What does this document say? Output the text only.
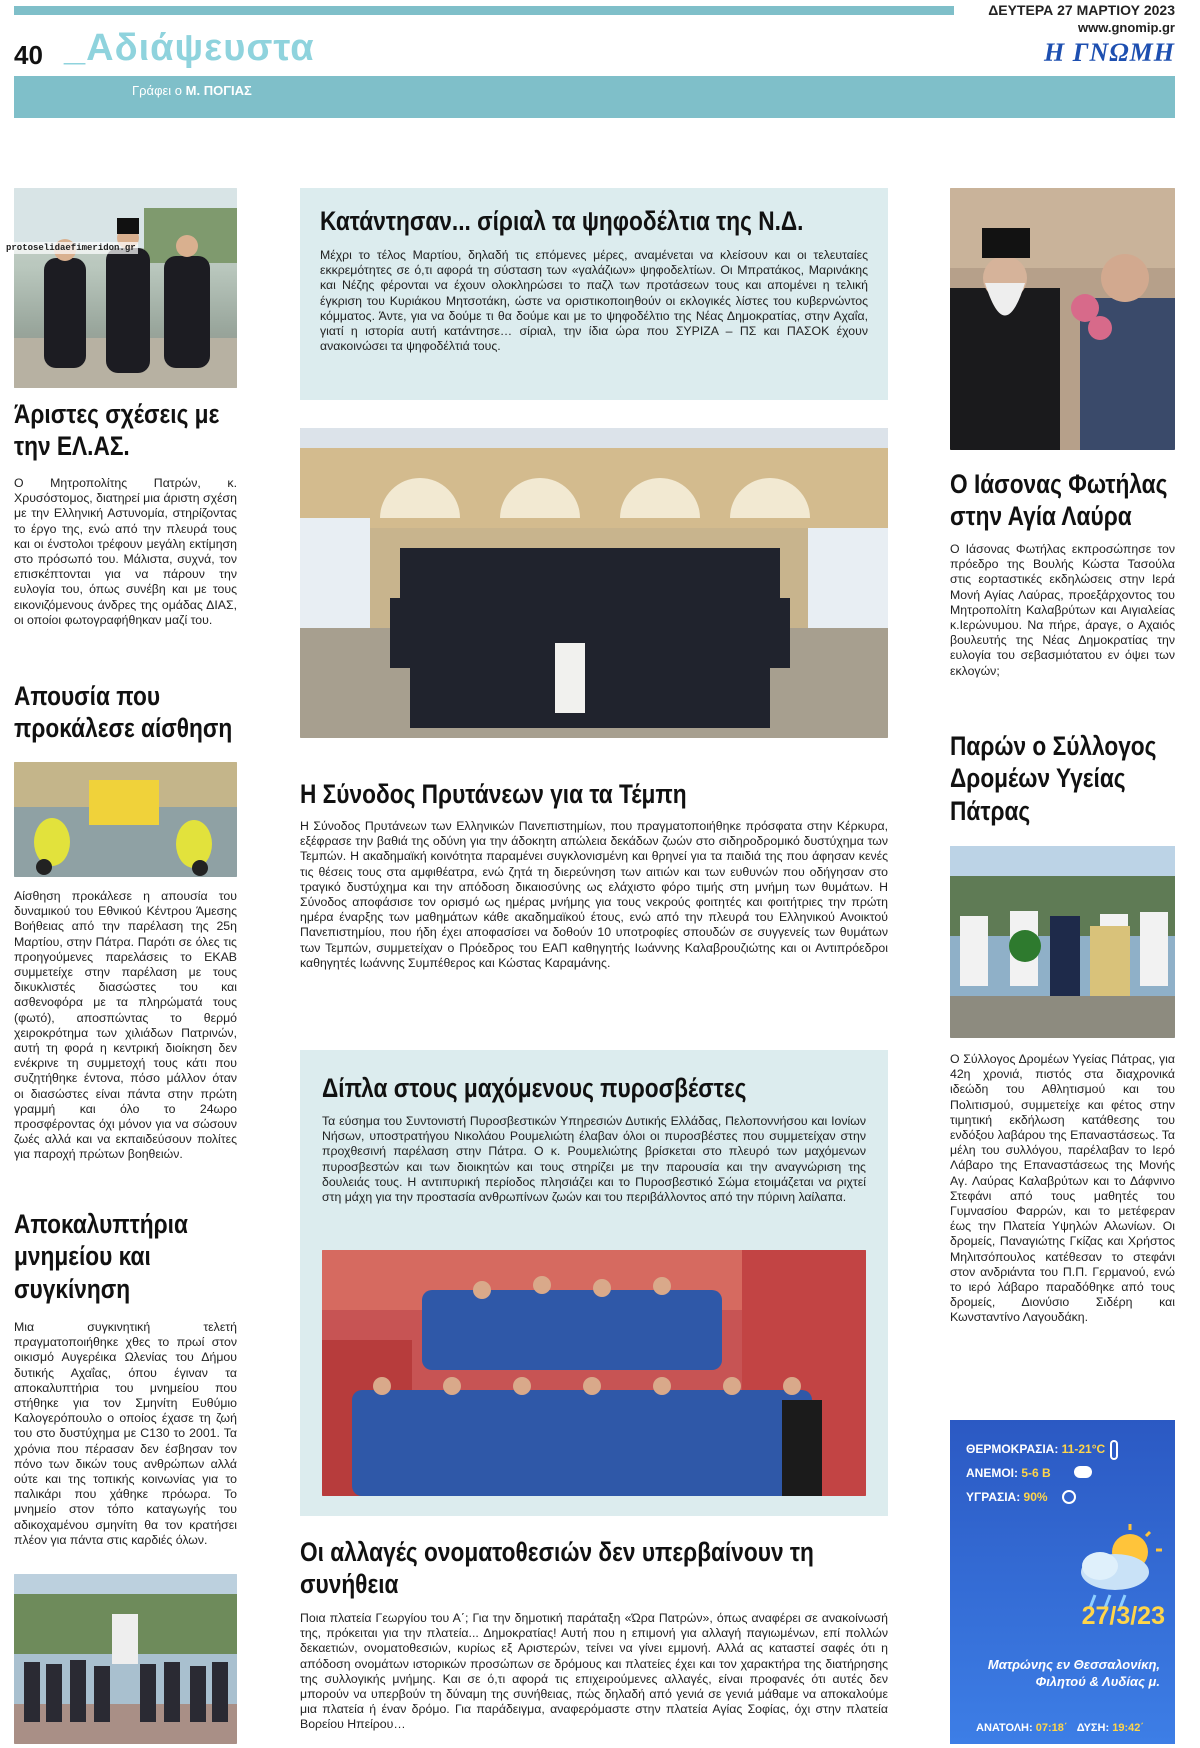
40 _Αδιάψευστα
ΔΕΥΤΕΡΑ 27 ΜΑΡΤΙΟΥ 2023
www.gnomip.gr
Η ΓΝΩΜΗ
Γράφει ο Μ. ΠΟΓΙΑΣ
protoselidaefimeridon.gr
Άριστες σχέσεις με την ΕΛ.ΑΣ.
Ο Μητροπολίτης Πατρών, κ. Χρυσόστομος, διατηρεί μια άριστη σχέση με την Ελληνική Αστυνομία, στηρίζοντας το έργο της, ενώ από την πλευρά τους και οι ένστολοι τρέφουν μεγάλη εκτίμηση στο πρόσωπό του. Μάλιστα, συχνά, τον επισκέπτονται για να πάρουν την ευλογία του, όπως συνέβη και με τους εικονιζόμενους άνδρες της ομάδας ΔΙΑΣ, οι οποίοι φωτογραφήθηκαν μαζί του.
Απουσία που προκάλεσε αίσθηση
Αίσθηση προκάλεσε η απουσία του δυναμικού του Εθνικού Κέντρου Άμεσης Βοήθειας από την παρέλαση της 25η Μαρτίου, στην Πάτρα. Παρότι σε όλες τις προηγούμενες παρελάσεις το ΕΚΑΒ συμμετείχε στην παρέλαση με τους δικυκλιστές διασώστες του και ασθενοφόρα με τα πληρώματά τους (φωτό), αποσπώντας το θερμό χειροκρότημα των χιλιάδων Πατρινών, αυτή τη φορά η κεντρική διοίκηση δεν ενέκρινε τη συμμετοχή τους κάτι που συζητήθηκε έντονα, πόσο μάλλον όταν οι διασώστες είναι πάντα στην πρώτη γραμμή και όλο το 24ωρο προσφέροντας όχι μόνον για να σώσουν ζωές αλλά και να εκπαιδεύσουν πολίτες για παροχή πρώτων βοηθειών.
Αποκαλυπτήρια μνημείου και συγκίνηση
Μια συγκινητική τελετή πραγματοποιήθηκε χθες το πρωί στον οικισμό Αυγερέικα Ωλενίας του Δήμου δυτικής Αχαΐας, όπου έγιναν τα αποκαλυπτήρια του μνημείου που στήθηκε για τον Σμηνίτη Ευθύμιο Καλογερόπουλο ο οποίος έχασε τη ζωή του στο δυστύχημα με C130 το 2001. Τα χρόνια που πέρασαν δεν έσβησαν τον πόνο των δικών τους ανθρώπων αλλά ούτε και της τοπικής κοινωνίας για το παλικάρι που χάθηκε πρόωρα. Το μνημείο στον τόπο καταγωγής του αδικοχαμένου σμηνίτη θα τον κρατήσει πλέον για πάντα στις καρδιές όλων.
Κατάντησαν... σίριαλ τα ψηφοδέλτια της Ν.Δ.
Μέχρι το τέλος Μαρτίου, δηλαδή τις επόμενες μέρες, αναμένεται να κλείσουν και οι τελευταίες εκκρεμότητες σε ό,τι αφορά τη σύσταση των «γαλάζιων» ψηφοδελτίων. Οι Μπρατάκος, Μαρινάκης και Νέζης φέρονται να έχουν ολοκληρώσει το παζλ των προτάσεων τους και απομένει η τελική έγκριση του Κυριάκου Μητσοτάκη, ώστε να οριστικοποιηθούν οι εκλογικές λίστες του κυβερνώντος κόμματος. Άντε, για να δούμε τι θα δούμε και με το ψηφοδέλτιο της Νέας Δημοκρατίας, στην Αχαΐα, γιατί η ιστορία αυτή κατάντησε… σίριαλ, την ίδια ώρα που ΣΥΡΙΖΑ – ΠΣ και ΠΑΣΟΚ έχουν ανακοινώσει τα ψηφοδέλτιά τους.
Η Σύνοδος Πρυτάνεων για τα Τέμπη
Η Σύνοδος Πρυτάνεων των Ελληνικών Πανεπιστημίων, που πραγματοποιήθηκε πρόσφατα στην Κέρκυρα, εξέφρασε την βαθιά της οδύνη για την άδοκητη απώλεια δεκάδων ζωών στο σιδηροδρομικό δυστύχημα των Τεμπών. Η ακαδημαϊκή κοινότητα παραμένει συγκλονισμένη και θρηνεί για τα παιδιά της που άφησαν κενές τις θέσεις τους στα αμφιθέατρα, ενώ ζητά τη διερεύνηση των αιτιών και των ευθυνών που οδήγησαν στο τραγικό δυστύχημα και την απόδοση δικαιοσύνης ως ελάχιστο φόρο τιμής στη μνήμη των θυμάτων. Η Σύνοδος αποφάσισε τον ορισμό ως ημέρας μνήμης για τους νεκρούς φοιτητές και φοιτήτριες την πρώτη ημέρα έναρξης των μαθημάτων κάθε ακαδημαϊκού έτους, ενώ από την πλευρά του Ελληνικού Ανοικτού Πανεπιστημίου, που ήδη έχει αποφασίσει να δοθούν 10 υποτροφίες σπουδών σε συγγενείς των θυμάτων των Τεμπών, συμμετείχαν ο Πρόεδρος του ΕΑΠ καθηγητής Ιωάννης Καλαβρουζιώτης και οι Αντιπρόεδροι καθηγητές Ιωάννης Συμπέθερος και Κώστας Καραμάνης.
Δίπλα στους μαχόμενους πυροσβέστες
Τα εύσημα του Συντονιστή Πυροσβεστικών Υπηρεσιών Δυτικής Ελλάδας, Πελοποννήσου και Ιονίων Νήσων, υποστρατήγου Νικολάου Ρουμελιώτη έλαβαν όλοι οι πυροσβέστες που συμμετείχαν στην προχθεσινή παρέλαση στην Πάτρα. Ο κ. Ρουμελιώτης βρίσκεται στο πλευρό των μαχόμενων πυροσβεστών και των διοικητών και τους στηρίζει με την παρουσία και την αναγνώριση της δουλειάς τους. Η αντιπυρική περίοδος πλησιάζει και το Πυροσβεστικό Σώμα ετοιμάζεται να ριχτεί στη μάχη για την προστασία ανθρωπίνων ζωών και του περιβάλλοντος από την πύρινη λαίλαπα.
Οι αλλαγές ονοματοθεσιών δεν υπερβαίνουν τη συνήθεια
Ποια πλατεία Γεωργίου του Α΄; Για την δημοτική παράταξη «Ώρα Πατρών», όπως αναφέρει σε ανακοίνωσή της, πρόκειται για την πλατεία... Δημοκρατίας! Αυτή που η επιμονή για αλλαγή παγιωμένων, επί πολλών δεκαετιών, ονοματοθεσιών, κυρίως εξ Αριστερών, τείνει να γίνει εμμονή. Αλλά ας καταστεί σαφές ότι η απόδοση ονομάτων ιστορικών προσώπων σε δρόμους και πλατείες έχει και τον χαρακτήρα της διατήρησης της συλλογικής μνήμης. Και σε ό,τι αφορά τις επιχειρούμενες αλλαγές, είναι προφανές ότι αυτές δεν μπορούν να υπερβούν τη δύναμη της συνήθειας, πώς δηλαδή από γενιά σε γενιά μάθαμε να αποκαλούμε μια πλατεία ή έναν δρόμο. Για παράδειγμα, αναφερόμαστε στην πλατεία Αγίας Σοφίας, όχι στην πλατεία Βορείου Ηπείρου…
Ο Ιάσονας Φωτήλας στην Αγία Λαύρα
Ο Ιάσονας Φωτήλας εκπροσώπησε τον πρόεδρο της Βουλής Κώστα Τασούλα στις εορταστικές εκδηλώσεις στην Ιερά Μονή Αγίας Λαύρας, προεξάρχοντος του Μητροπολίτη Καλαβρύτων και Αιγιαλείας κ.Ιερώνυμου. Να πήρε, άραγε, ο Αχαιός βουλευτής της Νέας Δημοκρατίας την ευλογία του σεβασμιότατου εν όψει των εκλογών;
Παρών ο Σύλλογος Δρομέων Υγείας Πάτρας
Ο Σύλλογος Δρομέων Υγείας Πάτρας, για 42η χρονιά, πιστός στα διαχρονικά ιδεώδη του Αθλητισμού και του Πολιτισμού, συμμετείχε και φέτος στην τιμητική εκδήλωση κατάθεσης του ενδόξου λαβάρου της Επαναστάσεως. Τα μέλη του συλλόγου, παρέλαβαν το Ιερό Λάβαρο της Επαναστάσεως της Μονής Αγ. Λαύρας Καλαβρύτων και το Δάφνινο Στεφάνι από τους μαθητές του Γυμνασίου Φαρρών, και το μετέφεραν έως την Πλατεία Υψηλών Αλωνίων. Οι δρομείς, Παναγιώτης Γκίζας και Χρήστος Μηλιτσόπουλος κατέθεσαν το στεφάνι στον ανδριάντα του Π.Π. Γερμανού, ενώ το ιερό λάβαρο παραδόθηκε από τους δρομείς, Διονύσιο Σιδέρη και Κωνσταντίνο Λαγουδάκη.
ΘΕΡΜΟΚΡΑΣΙΑ: 11-21°C
ΑΝΕΜΟΙ: 5-6 B
ΥΓΡΑΣΙΑ: 90%
27/3/23
Ματρώνης εν Θεσσαλονίκη, Φιλητού & Λυδίας μ.
ΑΝΑΤΟΛΗ: 07:18΄ ΔΥΣΗ: 19:42΄
